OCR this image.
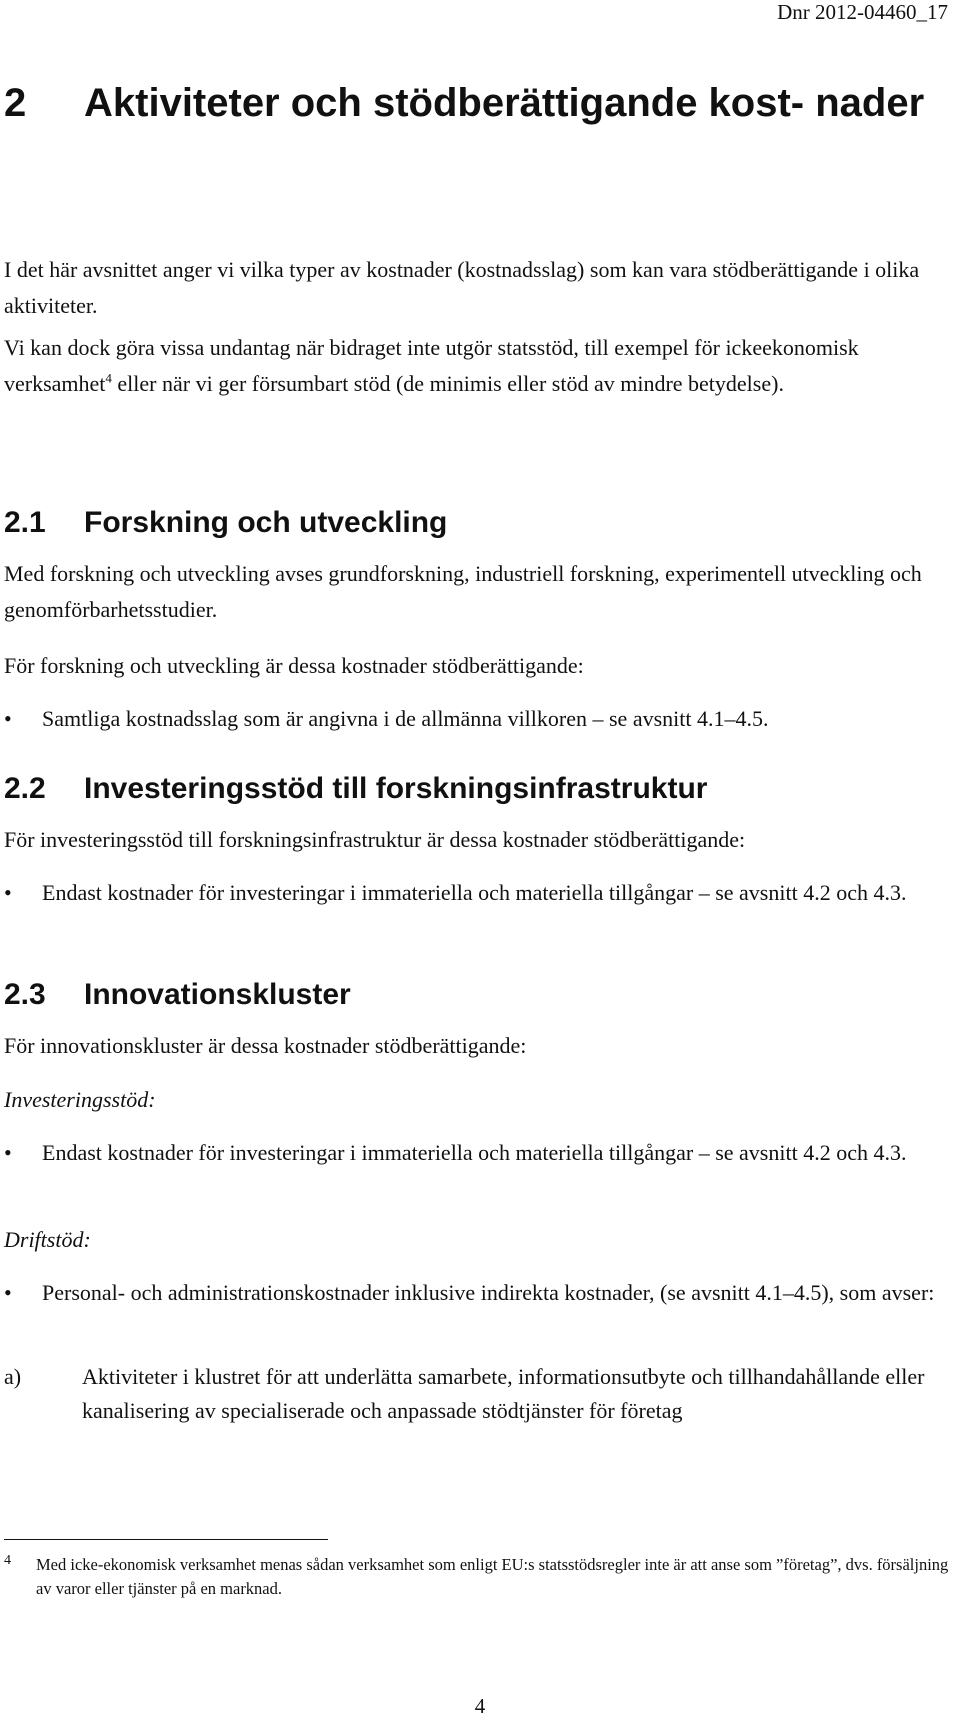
Dnr 2012-04460_17
2 Aktiviteter och stödberättigande kost- nader
I det här avsnittet anger vi vilka typer av kostnader (kostnadsslag) som kan vara stödberättigande i olika aktiviteter.
Vi kan dock göra vissa undantag när bidraget inte utgör statsstöd, till exempel för ickeekonomisk verksamhet$^4$ eller när vi ger försumbart stöd (de minimis eller stöd av mindre betydelse).
2.1 Forskning och utveckling
Med forskning och utveckling avses grundforskning, industriell forskning, experimentell utveckling och genomförbarhetsstudier.
För forskning och utveckling är dessa kostnader stödberättigande:
• Samtliga kostnadsslag som är angivna i de allmänna villkoren – se avsnitt 4.1–4.5.
2.2 Investeringsstöd till forskningsinfrastruktur
För investeringsstöd till forskningsinfrastruktur är dessa kostnader stödberättigande:
• Endast kostnader för investeringar i immateriella och materiella tillgångar – se avsnitt 4.2 och 4.3.
2.3 Innovationskluster
För innovationskluster är dessa kostnader stödberättigande:
Investeringsstöd:
• Endast kostnader för investeringar i immateriella och materiella tillgångar – se avsnitt 4.2 och 4.3.
Driftstöd:
• Personal- och administrationskostnader inklusive indirekta kostnader, (se avsnitt 4.1–4.5), som avser:
a)	Aktiviteter i klustret för att underlätta samarbete, informationsutbyte och tillhandahållande eller kanalisering av specialiserade och anpassade stödtjänster för företag
4 Med icke-ekonomisk verksamhet menas sådan verksamhet som enligt EU:s statsstödsregler inte är att anse som ”företag”, dvs. försäljning av varor eller tjänster på en marknad.
4
